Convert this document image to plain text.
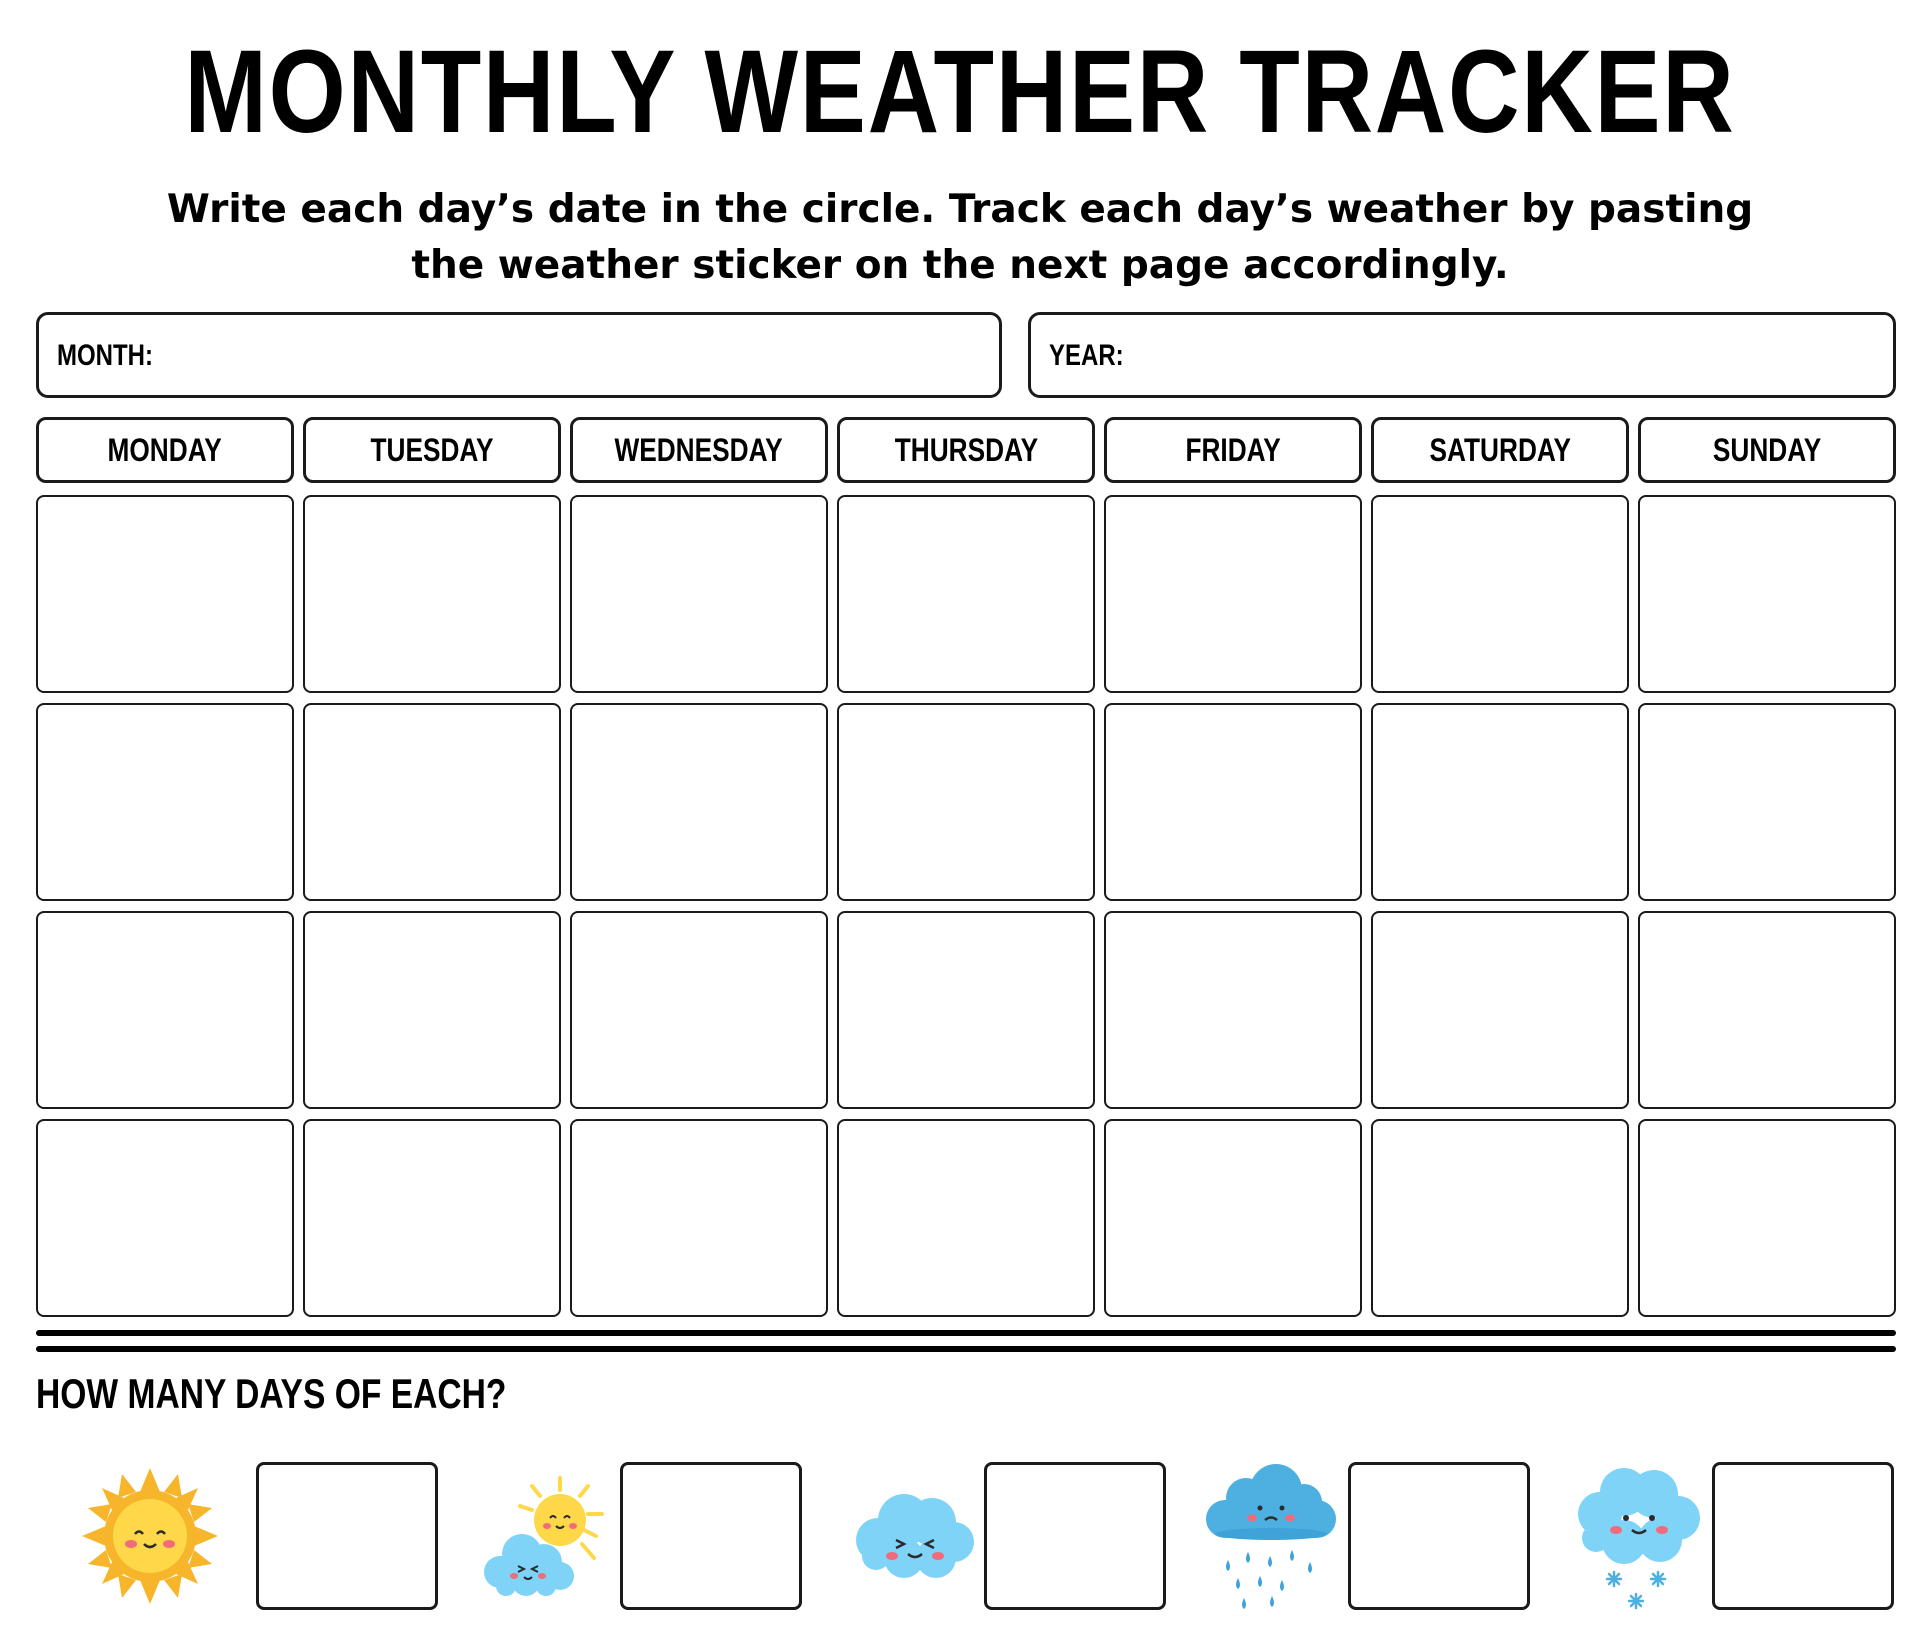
MONTHLY WEATHER TRACKER
Write each day’s date in the circle. Track each day’s weather by pasting
the weather sticker on the next page accordingly.
MONTH:	YEAR:
MONDAY	TUESDAY	WEDNESDAY	THURSDAY	FRIDAY	SATURDAY	SUNDAY
HOW MANY DAYS OF EACH?
